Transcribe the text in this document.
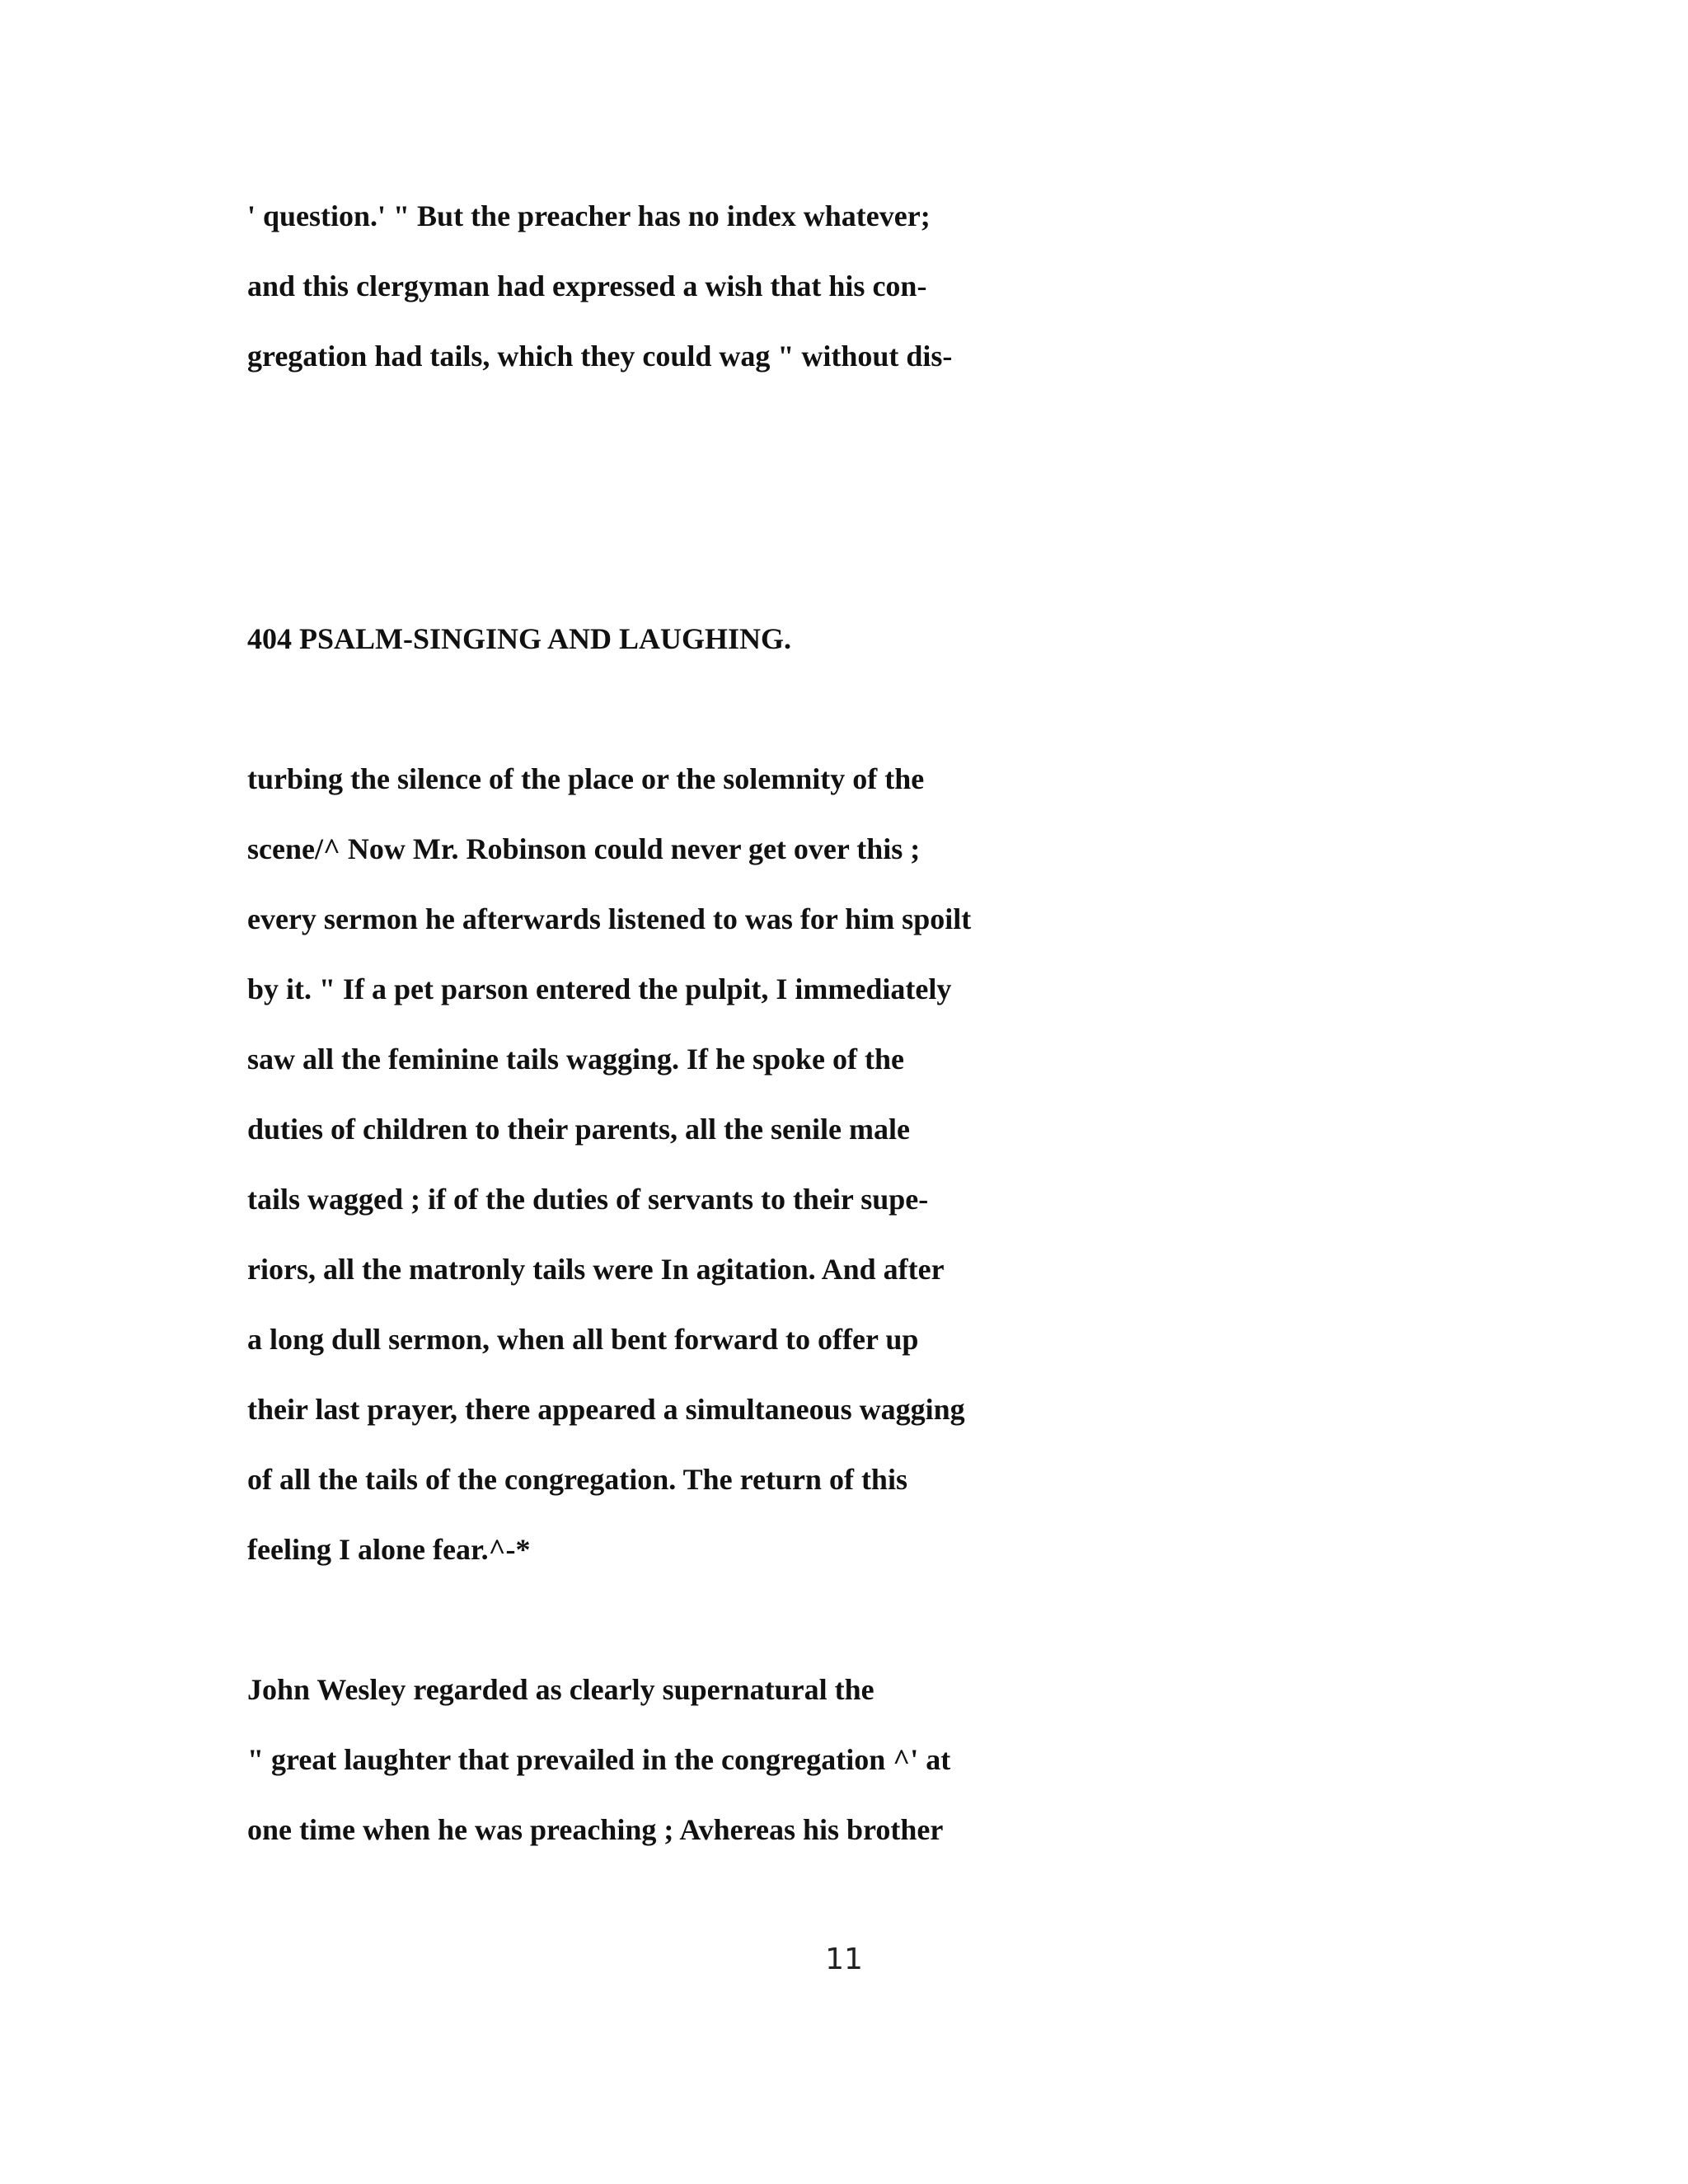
' question.' " But the preacher has no index whatever;

and this clergyman had expressed a wish that his con-

gregation had tails, which they could wag " without dis-

404 PSALM-SINGING AND LAUGHING.

turbing the silence of the place or the solemnity of the

scene/^ Now Mr. Robinson could never get over this ;

every sermon he afterwards listened to was for him spoilt

by it. " If a pet parson entered the pulpit, I immediately

saw all the feminine tails wagging. If he spoke of the

duties of children to their parents, all the senile male

tails wagged ; if of the duties of servants to their supe-

riors, all the matronly tails were In agitation. And after

a long dull sermon, when all bent forward to offer up

their last prayer, there appeared a simultaneous wagging

of all the tails of the congregation. The return of this

feeling I alone fear.^-*

John Wesley regarded as clearly supernatural the

" great laughter that prevailed in the congregation ^' at

one time when he was preaching ; Avhereas his brother

11
